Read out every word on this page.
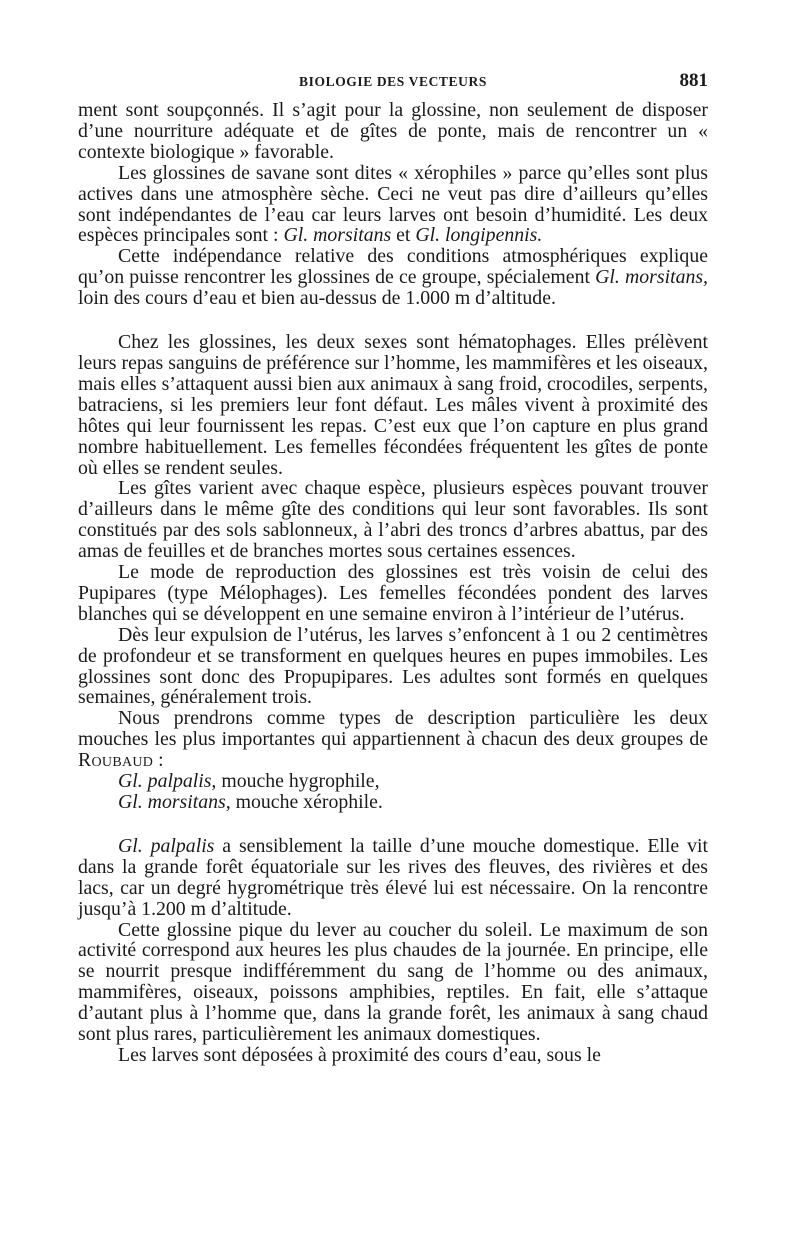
BIOLOGIE DES VECTEURS	881

ment sont soupçonnés. Il s’agit pour la glossine, non seulement de disposer d’une nourriture adéquate et de gîtes de ponte, mais de rencontrer un « contexte biologique » favorable.

Les glossines de savane sont dites « xérophiles » parce qu’elles sont plus actives dans une atmosphère sèche. Ceci ne veut pas dire d’ailleurs qu’elles sont indépendantes de l’eau car leurs larves ont besoin d’humidité. Les deux espèces principales sont : Gl. morsitans et Gl. longipennis.

Cette indépendance relative des conditions atmosphériques explique qu’on puisse rencontrer les glossines de ce groupe, spécialement Gl. morsitans, loin des cours d’eau et bien au-dessus de 1.000 m d’altitude.

Chez les glossines, les deux sexes sont hématophages. Elles prélèvent leurs repas sanguins de préférence sur l’homme, les mammifères et les oiseaux, mais elles s’attaquent aussi bien aux animaux à sang froid, crocodiles, serpents, batraciens, si les premiers leur font défaut. Les mâles vivent à proximité des hôtes qui leur fournissent les repas. C’est eux que l’on capture en plus grand nombre habituellement. Les femelles fécondées fréquentent les gîtes de ponte où elles se rendent seules.

Les gîtes varient avec chaque espèce, plusieurs espèces pouvant trouver d’ailleurs dans le même gîte des conditions qui leur sont favorables. Ils sont constitués par des sols sablonneux, à l’abri des troncs d’arbres abattus, par des amas de feuilles et de branches mortes sous certaines essences.

Le mode de reproduction des glossines est très voisin de celui des Pupipares (type Mélophages). Les femelles fécondées pondent des larves blanches qui se développent en une semaine environ à l’intérieur de l’utérus.

Dès leur expulsion de l’utérus, les larves s’enfoncent à 1 ou 2 centimètres de profondeur et se transforment en quelques heures en pupes immobiles. Les glossines sont donc des Propupipares. Les adultes sont formés en quelques semaines, généralement trois.

Nous prendrons comme types de description particulière les deux mouches les plus importantes qui appartiennent à chacun des deux groupes de Roubaud :

Gl. palpalis, mouche hygrophile,

Gl. morsitans, mouche xérophile.

Gl. palpalis a sensiblement la taille d’une mouche domestique. Elle vit dans la grande forêt équatoriale sur les rives des fleuves, des rivières et des lacs, car un degré hygrométrique très élevé lui est nécessaire. On la rencontre jusqu’à 1.200 m d’altitude.

Cette glossine pique du lever au coucher du soleil. Le maximum de son activité correspond aux heures les plus chaudes de la journée. En principe, elle se nourrit presque indifféremment du sang de l’homme ou des animaux, mammifères, oiseaux, poissons amphibies, reptiles. En fait, elle s’attaque d’autant plus à l’homme que, dans la grande forêt, les animaux à sang chaud sont plus rares, particulièrement les animaux domestiques.

Les larves sont déposées à proximité des cours d’eau, sous le
